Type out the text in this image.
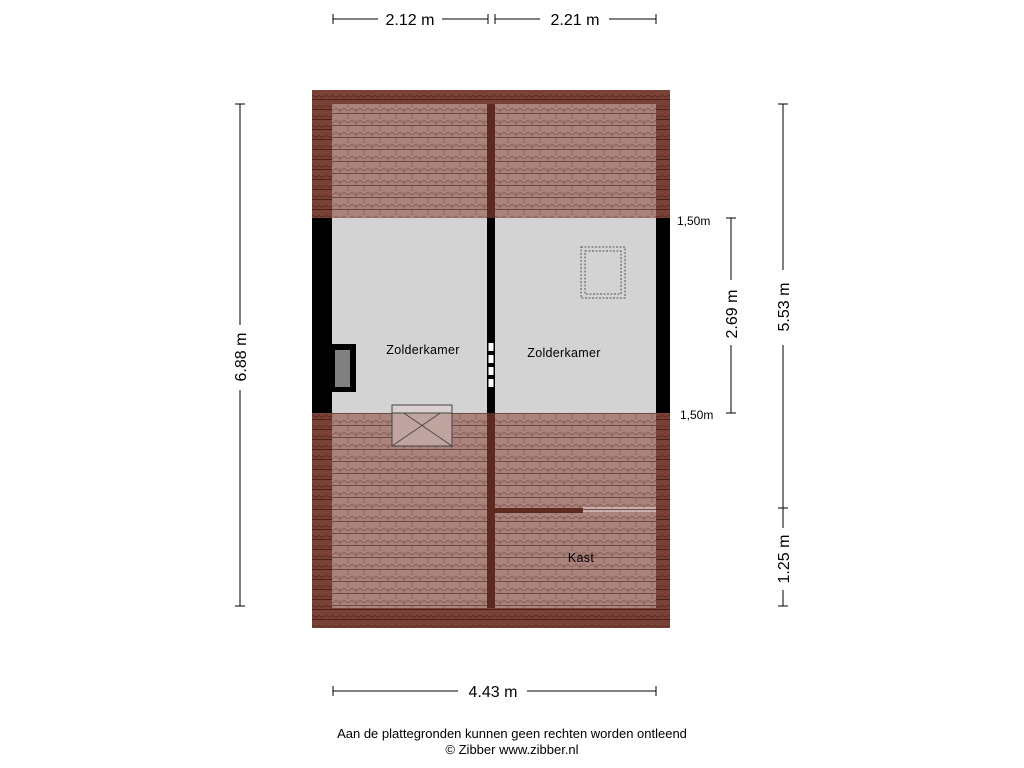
Zolderkamer	Zolderkamer
Kast
2.12 m	2.21 m
4.43 m
6.88 m
5.53 m
1.25 m
2.69 m
1,50m
1,50m
Aan de plattegronden kunnen geen rechten worden ontleend
© Zibber www.zibber.nl
